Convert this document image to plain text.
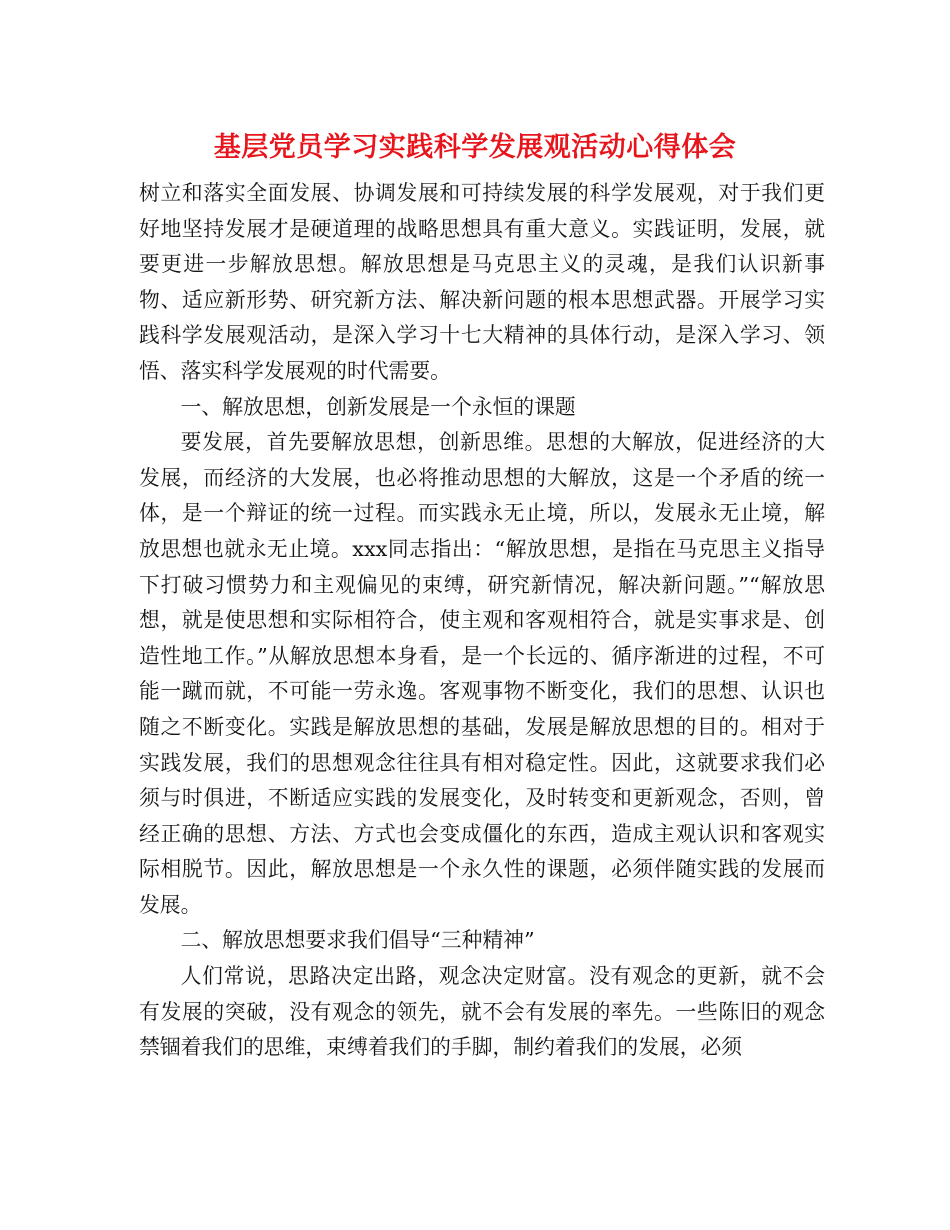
基层党员学习实践科学发展观活动心得体会

树立和落实全面发展、协调发展和可持续发展的科学发展观，对于我们更好地坚持发展才是硬道理的战略思想具有重大意义。实践证明，发展，就要更进一步解放思想。解放思想是马克思主义的灵魂，是我们认识新事物、适应新形势、研究新方法、解决新问题的根本思想武器。开展学习实践科学发展观活动，是深入学习十七大精神的具体行动，是深入学习、领悟、落实科学发展观的时代需要。

一、解放思想，创新发展是一个永恒的课题

要发展，首先要解放思想，创新思维。思想的大解放，促进经济的大发展，而经济的大发展，也必将推动思想的大解放，这是一个矛盾的统一体，是一个辩证的统一过程。而实践永无止境，所以，发展永无止境，解放思想也就永无止境。xxx同志指出：“解放思想，是指在马克思主义指导下打破习惯势力和主观偏见的束缚，研究新情况，解决新问题。”“解放思想，就是使思想和实际相符合，使主观和客观相符合，就是实事求是、创造性地工作。”从解放思想本身看，是一个长远的、循序渐进的过程，不可能一蹴而就，不可能一劳永逸。客观事物不断变化，我们的思想、认识也随之不断变化。实践是解放思想的基础，发展是解放思想的目的。相对于实践发展，我们的思想观念往往具有相对稳定性。因此，这就要求我们必须与时俱进，不断适应实践的发展变化，及时转变和更新观念，否则，曾经正确的思想、方法、方式也会变成僵化的东西，造成主观认识和客观实际相脱节。因此，解放思想是一个永久性的课题，必须伴随实践的发展而发展。

二、解放思想要求我们倡导“三种精神”

人们常说，思路决定出路，观念决定财富。没有观念的更新，就不会有发展的突破，没有观念的领先，就不会有发展的率先。一些陈旧的观念禁锢着我们的思维，束缚着我们的手脚，制约着我们的发展，必须
